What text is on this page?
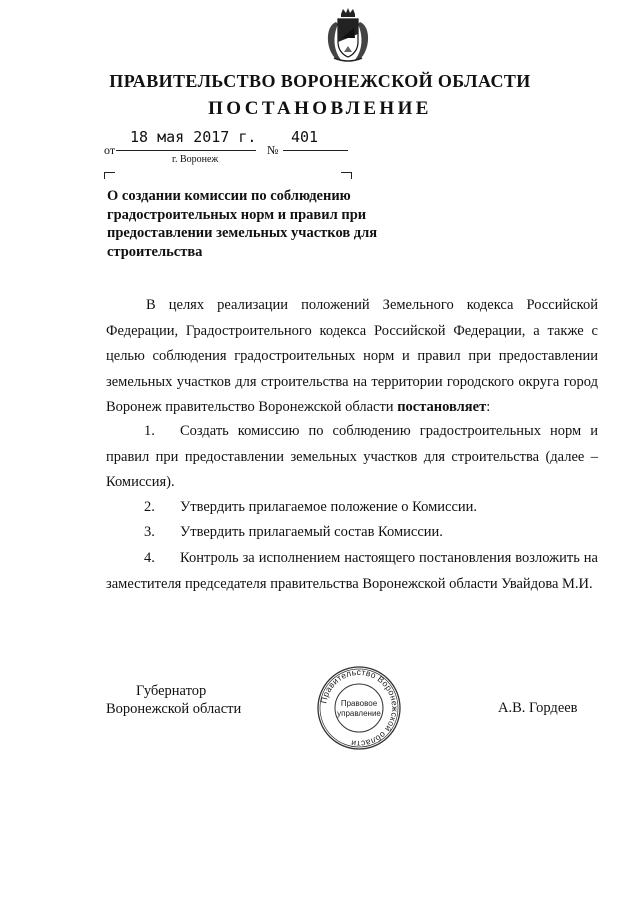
ПРАВИТЕЛЬСТВО ВОРОНЕЖСКОЙ ОБЛАСТИ
ПОСТАНОВЛЕНИЕ
от
18 мая 2017 г.
№
401
г. Воронеж
О создании комиссии по соблюдению градостроительных норм и правил при предоставлении земельных участков для строительства

В целях реализации положений Земельного кодекса Российской Федерации, Градостроительного кодекса Российской Федерации, а также с целью соблюдения градостроительных норм и правил при предоставлении земельных участков для строительства на территории городского округа город Воронеж правительство Воронежской области постановляет:

1. Создать комиссию по соблюдению градостроительных норм и правил при предоставлении земельных участков для строительства (далее – Комиссия).

2. Утвердить прилагаемое положение о Комиссии.

3. Утвердить прилагаемый состав Комиссии.

4. Контроль за исполнением настоящего постановления возложить на заместителя председателя правительства Воронежской области Увайдова М.И.

Губернатор
Воронежской области
Правительство Воронежской области
Правовое
управление	А.В. Гордеев
